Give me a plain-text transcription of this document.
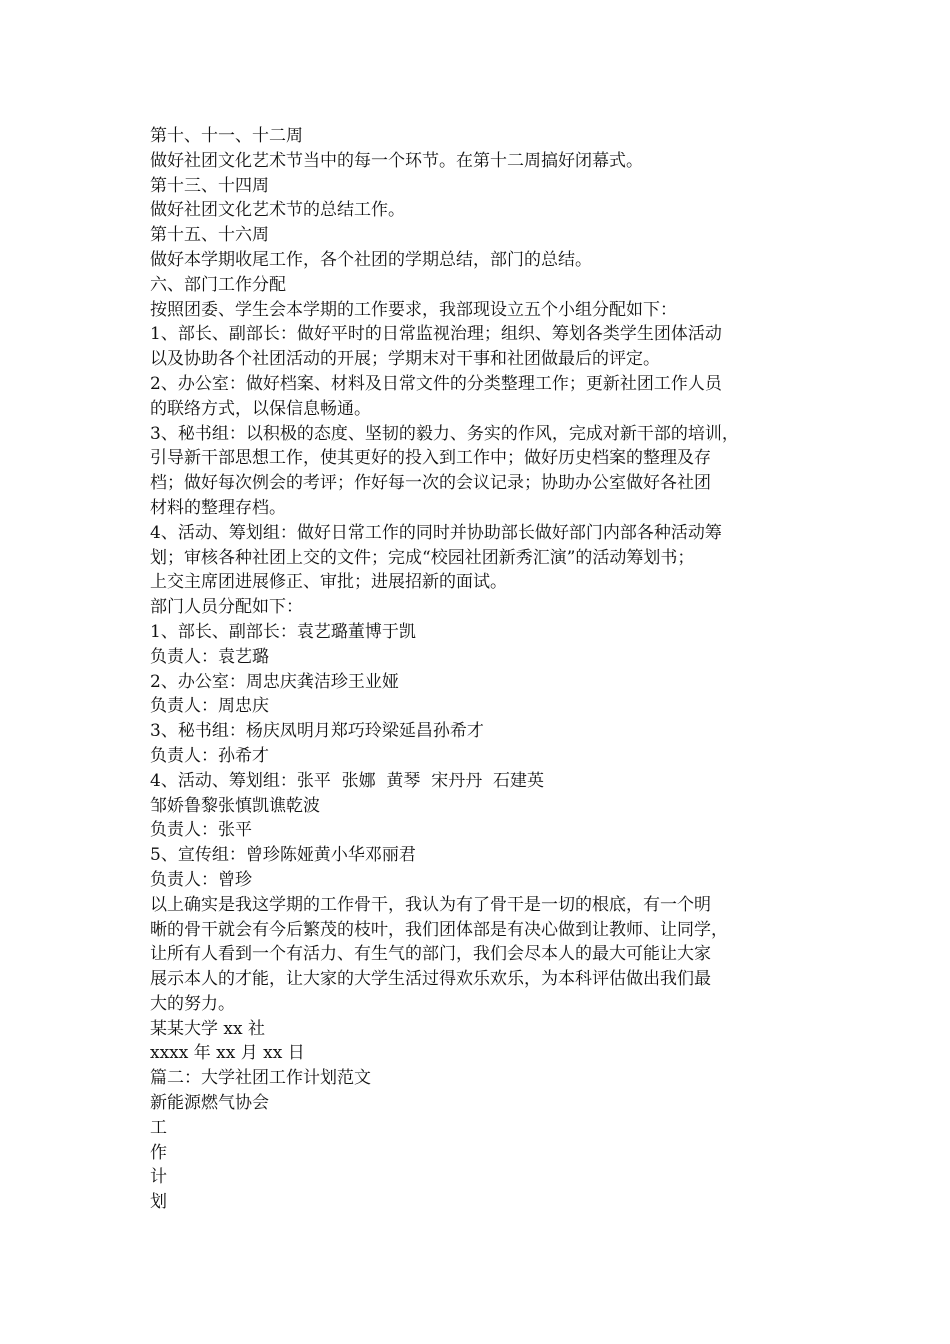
第十、十一、十二周
做好社团文化艺术节当中的每一个环节。在第十二周搞好闭幕式。
第十三、十四周
做好社团文化艺术节的总结工作。
第十五、十六周
做好本学期收尾工作，各个社团的学期总结，部门的总结。
六、部门工作分配
按照团委、学生会本学期的工作要求，我部现设立五个小组分配如下：
1、部长、副部长：做好平时的日常监视治理；组织、筹划各类学生团体活动
以及协助各个社团活动的开展；学期末对干事和社团做最后的评定。
2、办公室：做好档案、材料及日常文件的分类整理工作；更新社团工作人员
的联络方式，以保信息畅通。
3、秘书组：以积极的态度、坚韧的毅力、务实的作风，完成对新干部的培训，
引导新干部思想工作，使其更好的投入到工作中；做好历史档案的整理及存
档；做好每次例会的考评；作好每一次的会议记录；协助办公室做好各社团
材料的整理存档。
4、活动、筹划组：做好日常工作的同时并协助部长做好部门内部各种活动筹
划；审核各种社团上交的文件；完成“校园社团新秀汇演”的活动筹划书；
上交主席团进展修正、审批；进展招新的面试。
部门人员分配如下：
1、部长、副部长：袁艺璐董博于凯
负责人：袁艺璐
2、办公室：周忠庆龚洁珍王业娅
负责人：周忠庆
3、秘书组：杨庆凤明月郑巧玲梁延昌孙希才
负责人：孙希才
4、活动、筹划组：张平  张娜  黄琴  宋丹丹  石建英
邹娇鲁黎张慎凯谯乾波
负责人：张平
5、宣传组：曾珍陈娅黄小华邓丽君
负责人：曾珍
以上确实是我这学期的工作骨干，我认为有了骨干是一切的根底，有一个明
晰的骨干就会有今后繁茂的枝叶，我们团体部是有决心做到让教师、让同学，
让所有人看到一个有活力、有生气的部门，我们会尽本人的最大可能让大家
展示本人的才能，让大家的大学生活过得欢乐欢乐，为本科评估做出我们最
大的努力。
某某大学 xx 社
xxxx 年 xx 月 xx 日
篇二：大学社团工作计划范文
新能源燃气协会
工
作
计
划
